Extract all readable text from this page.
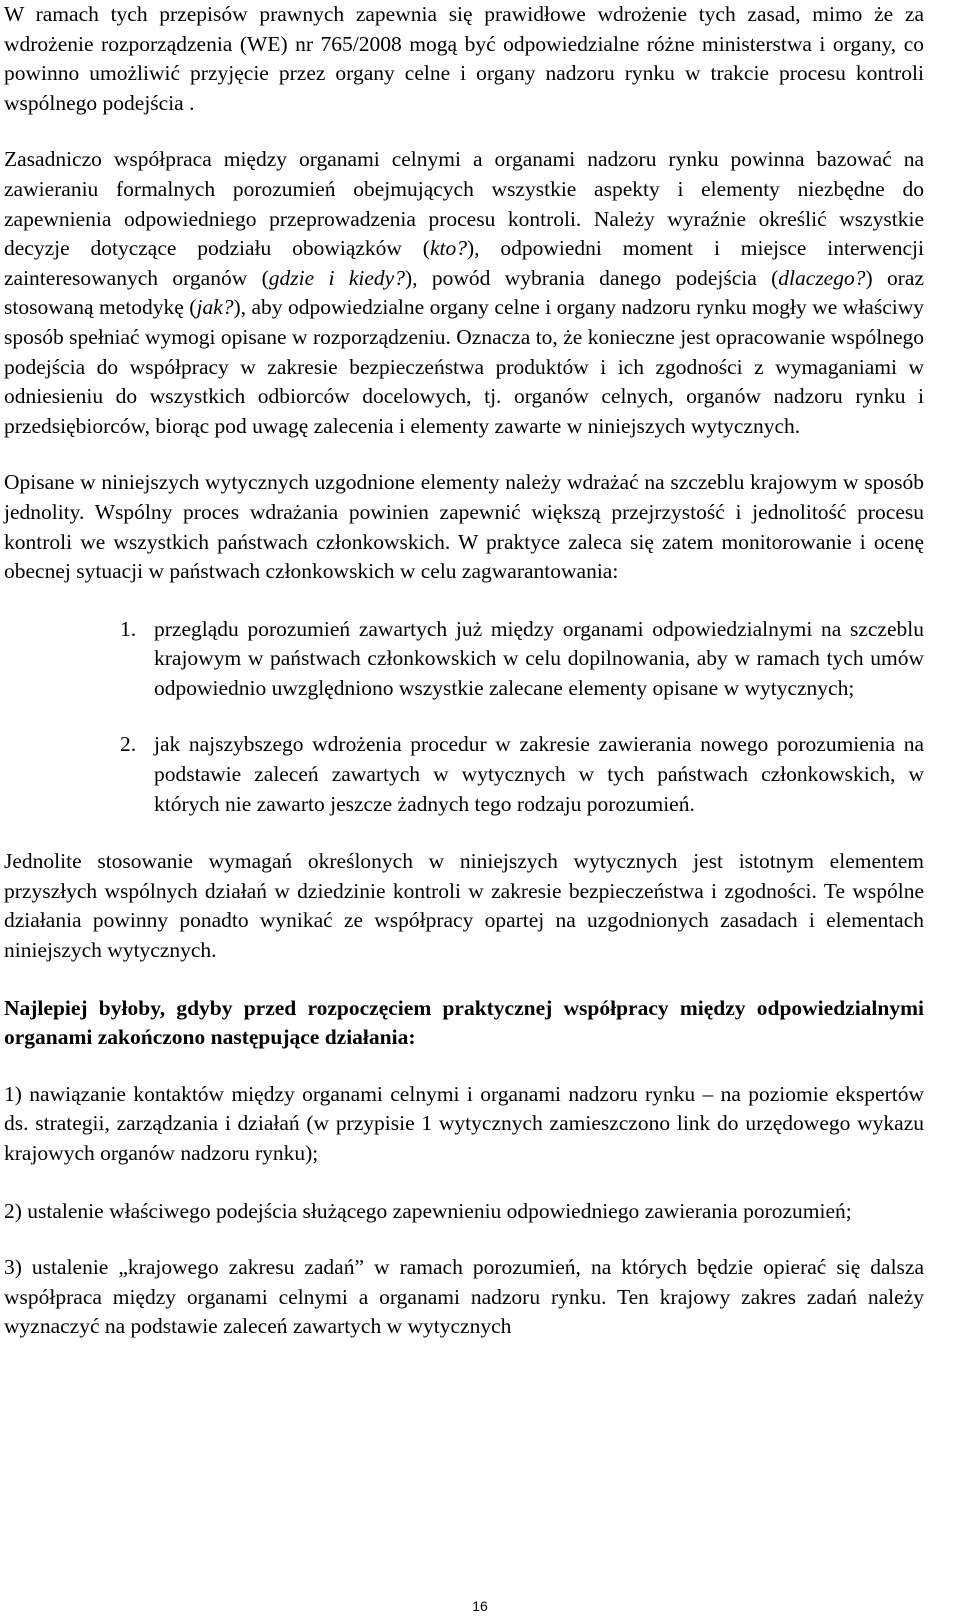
W ramach tych przepisów prawnych zapewnia się prawidłowe wdrożenie tych zasad, mimo że za wdrożenie rozporządzenia (WE) nr 765/2008 mogą być odpowiedzialne różne ministerstwa i organy, co powinno umożliwić przyjęcie przez organy celne i organy nadzoru rynku w trakcie procesu kontroli wspólnego podejścia .

Zasadniczo współpraca między organami celnymi a organami nadzoru rynku powinna bazować na zawieraniu formalnych porozumień obejmujących wszystkie aspekty i elementy niezbędne do zapewnienia odpowiedniego przeprowadzenia procesu kontroli. Należy wyraźnie określić wszystkie decyzje dotyczące podziału obowiązków (kto?), odpowiedni moment i miejsce interwencji zainteresowanych organów (gdzie i kiedy?), powód wybrania danego podejścia (dlaczego?) oraz stosowaną metodykę (jak?), aby odpowiedzialne organy celne i organy nadzoru rynku mogły we właściwy sposób spełniać wymogi opisane w rozporządzeniu. Oznacza to, że konieczne jest opracowanie wspólnego podejścia do współpracy w zakresie bezpieczeństwa produktów i ich zgodności z wymaganiami w odniesieniu do wszystkich odbiorców docelowych, tj. organów celnych, organów nadzoru rynku i przedsiębiorców, biorąc pod uwagę zalecenia i elementy zawarte w niniejszych wytycznych.

Opisane w niniejszych wytycznych uzgodnione elementy należy wdrażać na szczeblu krajowym w sposób jednolity. Wspólny proces wdrażania powinien zapewnić większą przejrzystość i jednolitość procesu kontroli we wszystkich państwach członkowskich. W praktyce zaleca się zatem monitorowanie i ocenę obecnej sytuacji w państwach członkowskich w celu zagwarantowania:

1. przeglądu porozumień zawartych już między organami odpowiedzialnymi na szczeblu krajowym w państwach członkowskich w celu dopilnowania, aby w ramach tych umów odpowiednio uwzględniono wszystkie zalecane elementy opisane w wytycznych;
2. jak najszybszego wdrożenia procedur w zakresie zawierania nowego porozumienia na podstawie zaleceń zawartych w wytycznych w tych państwach członkowskich, w których nie zawarto jeszcze żadnych tego rodzaju porozumień.

Jednolite stosowanie wymagań określonych w niniejszych wytycznych jest istotnym elementem przyszłych wspólnych działań w dziedzinie kontroli w zakresie bezpieczeństwa i zgodności. Te wspólne działania powinny ponadto wynikać ze współpracy opartej na uzgodnionych zasadach i elementach niniejszych wytycznych.

Najlepiej byłoby, gdyby przed rozpoczęciem praktycznej współpracy między odpowiedzialnymi organami zakończono następujące działania:

1) nawiązanie kontaktów między organami celnymi i organami nadzoru rynku – na poziomie ekspertów ds. strategii, zarządzania i działań (w przypisie 1 wytycznych zamieszczono link do urzędowego wykazu krajowych organów nadzoru rynku);

2) ustalenie właściwego podejścia służącego zapewnieniu odpowiedniego zawierania porozumień;

3) ustalenie „krajowego zakresu zadań” w ramach porozumień, na których będzie opierać się dalsza współpraca między organami celnymi a organami nadzoru rynku. Ten krajowy zakres zadań należy wyznaczyć na podstawie zaleceń zawartych w wytycznych

16
